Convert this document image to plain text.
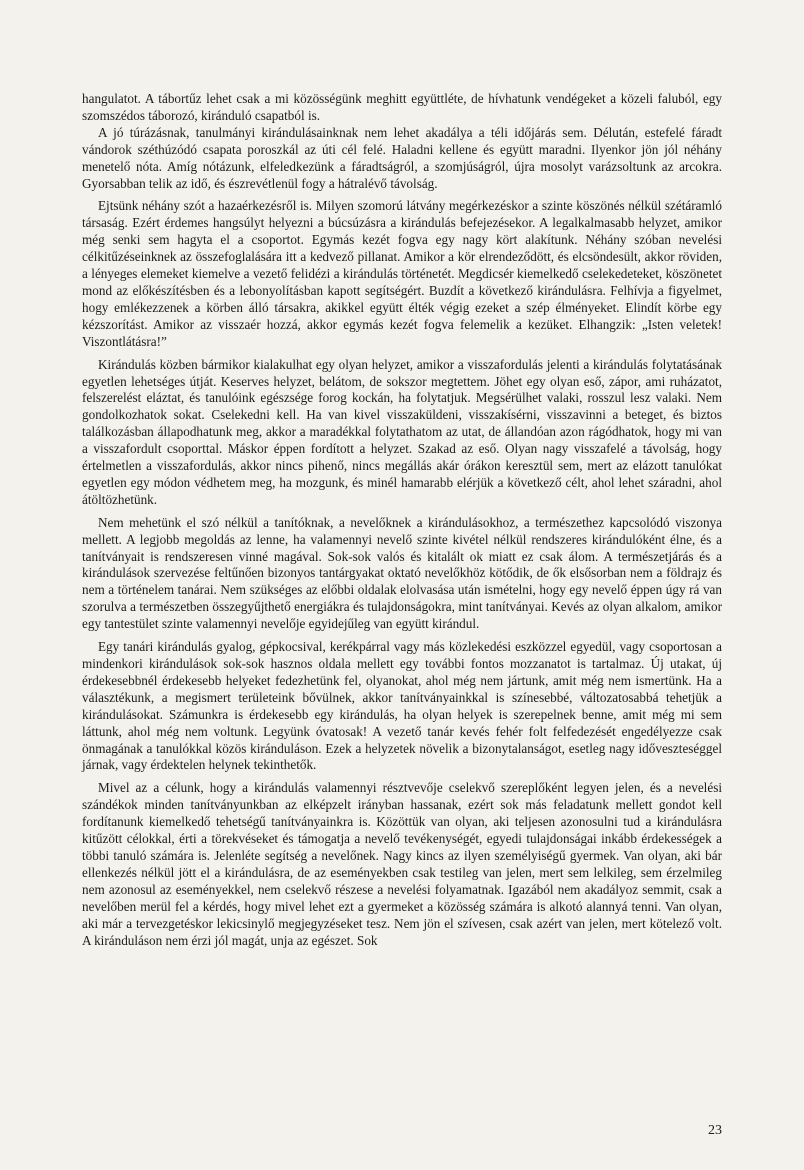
hangulatot. A tábortűz lehet csak a mi közösségünk meghitt együttléte, de hívhatunk vendégeket a közeli faluból, egy szomszédos táborozó, kiránduló csapatból is.

A jó túrázásnak, tanulmányi kirándulásainknak nem lehet akadálya a téli időjárás sem. Délután, estefelé fáradt vándorok széthúzódó csapata poroszkál az úti cél felé. Haladni kellene és együtt maradni. Ilyenkor jön jól néhány menetelő nóta. Amíg nótázunk, elfeledkezünk a fáradtságról, a szomjúságról, újra mosolyt varázsoltunk az arcokra. Gyorsabban telik az idő, és észrevétlenül fogy a hátralévő távolság.

Ejtsünk néhány szót a hazaérkezésről is. Milyen szomorú látvány megérkezéskor a szinte köszönés nélkül szétáramló társaság. Ezért érdemes hangsúlyt helyezni a búcsúzásra a kirándulás befejezésekor. A legalkalmasabb helyzet, amikor még senki sem hagyta el a csoportot. Egymás kezét fogva egy nagy kört alakítunk. Néhány szóban nevelési célkitűzéseinknek az összefoglalására itt a kedvező pillanat. Amikor a kör elrendeződött, és elcsöndesült, akkor röviden, a lényeges elemeket kiemelve a vezető felidézi a kirándulás történetét. Megdicsér kiemelkedő cselekedeteket, köszönetet mond az előkészítésben és a lebonyolításban kapott segítségért. Buzdít a következő kirándulásra. Felhívja a figyelmet, hogy emlékezzenek a körben álló társakra, akikkel együtt élték végig ezeket a szép élményeket. Elindít körbe egy kézszorítást. Amikor az visszaér hozzá, akkor egymás kezét fogva felemelik a kezüket. Elhangzik: „Isten veletek! Viszontlátásra!”

Kirándulás közben bármikor kialakulhat egy olyan helyzet, amikor a visszafordulás jelenti a kirándulás folytatásának egyetlen lehetséges útját. Keserves helyzet, belátom, de sokszor megtettem. Jöhet egy olyan eső, zápor, ami ruházatot, felszerelést eláztat, és tanulóink egészsége forog kockán, ha folytatjuk. Megsérülhet valaki, rosszul lesz valaki. Nem gondolkozhatok sokat. Cselekedni kell. Ha van kivel visszaküldeni, visszakísérni, visszavinni a beteget, és biztos találkozásban állapodhatunk meg, akkor a maradékkal folytathatom az utat, de állandóan azon rágódhatok, hogy mi van a visszafordult csoporttal. Máskor éppen fordított a helyzet. Szakad az eső. Olyan nagy visszafelé a távolság, hogy értelmetlen a visszafordulás, akkor nincs pihenő, nincs megállás akár órákon keresztül sem, mert az elázott tanulókat egyetlen egy módon védhetem meg, ha mozgunk, és minél hamarabb elérjük a következő célt, ahol lehet száradni, ahol átöltözhetünk.

Nem mehetünk el szó nélkül a tanítóknak, a nevelőknek a kirándulásokhoz, a természethez kapcsolódó viszonya mellett. A legjobb megoldás az lenne, ha valamennyi nevelő szinte kivétel nélkül rendszeres kirándulóként élne, és a tanítványait is rendszeresen vinné magával. Sok-sok valós és kitalált ok miatt ez csak álom. A természetjárás és a kirándulások szervezése feltűnően bizonyos tantárgyakat oktató nevelőkhöz kötődik, de ők elsősorban nem a földrajz és nem a történelem tanárai. Nem szükséges az előbbi oldalak elolvasása után ismételni, hogy egy nevelő éppen úgy rá van szorulva a természetben összegyűjthető energiákra és tulajdonságokra, mint tanítványai. Kevés az olyan alkalom, amikor egy tantestület szinte valamennyi nevelője egyidejűleg van együtt kirándul.

Egy tanári kirándulás gyalog, gépkocsival, kerékpárral vagy más közlekedési eszközzel egyedül, vagy csoportosan a mindenkori kirándulások sok-sok hasznos oldala mellett egy további fontos mozzanatot is tartalmaz. Új utakat, új érdekesebbnél érdekesebb helyeket fedezhetünk fel, olyanokat, ahol még nem jártunk, amit még nem ismertünk. Ha a választékunk, a megismert területeink bővülnek, akkor tanítványainkkal is színesebbé, változatosabbá tehetjük a kirándulásokat. Számunkra is érdekesebb egy kirándulás, ha olyan helyek is szerepelnek benne, amit még mi sem láttunk, ahol még nem voltunk. Legyünk óvatosak! A vezető tanár kevés fehér folt felfedezését engedélyezze csak önmagának a tanulókkal közös kiránduláson. Ezek a helyzetek növelik a bizonytalanságot, esetleg nagy időveszteséggel járnak, vagy érdektelen helynek tekinthetők.

Mivel az a célunk, hogy a kirándulás valamennyi résztvevője cselekvő szereplőként legyen jelen, és a nevelési szándékok minden tanítványunkban az elképzelt irányban hassanak, ezért sok más feladatunk mellett gondot kell fordítanunk kiemelkedő tehetségű tanítványainkra is. Közöttük van olyan, aki teljesen azonosulni tud a kirándulásra kitűzött célokkal, érti a törekvéseket és támogatja a nevelő tevékenységét, egyedi tulajdonságai inkább érdekességek a többi tanuló számára is. Jelenléte segítség a nevelőnek. Nagy kincs az ilyen személyiségű gyermek. Van olyan, aki bár ellenkezés nélkül jött el a kirándulásra, de az eseményekben csak testileg van jelen, mert sem lelkileg, sem érzelmileg nem azonosul az eseményekkel, nem cselekvő részese a nevelési folyamatnak. Igazából nem akadályoz semmit, csak a nevelőben merül fel a kérdés, hogy mivel lehet ezt a gyermeket a közösség számára is alkotó alannyá tenni. Van olyan, aki már a tervezgetéskor lekicsinylő megjegyzéseket tesz. Nem jön el szívesen, csak azért van jelen, mert kötelező volt. A kiránduláson nem érzi jól magát, unja az egészet. Sok

23
